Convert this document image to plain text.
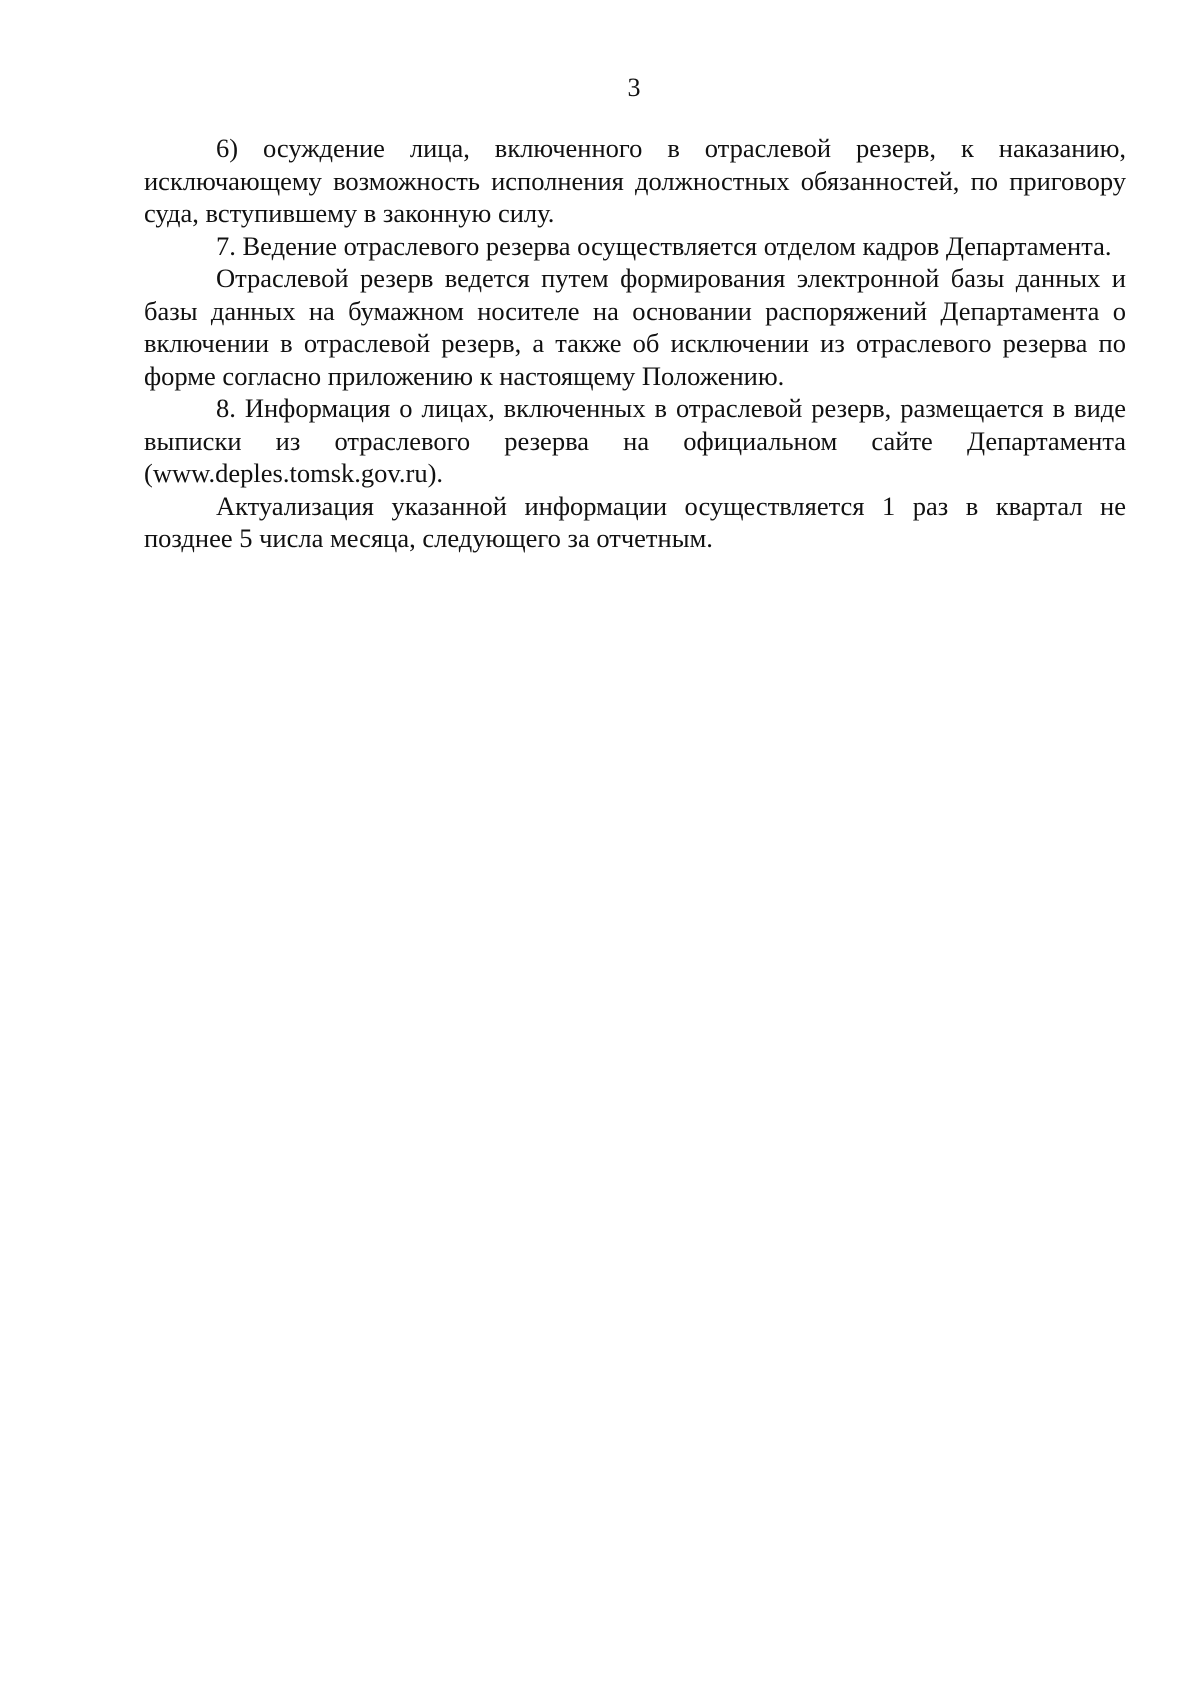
3

6) осуждение лица, включенного в отраслевой резерв, к наказанию, исключающему возможность исполнения должностных обязанностей, по приговору суда, вступившему в законную силу.

7. Ведение отраслевого резерва осуществляется отделом кадров Департамента.

Отраслевой резерв ведется путем формирования электронной базы данных и базы данных на бумажном носителе на основании распоряжений Департамента о включении в отраслевой резерв, а также об исключении из отраслевого резерва по форме согласно приложению к настоящему Положению.

8. Информация о лицах, включенных в отраслевой резерв, размещается в виде выписки из отраслевого резерва на официальном сайте Департамента (www.deples.tomsk.gov.ru).

Актуализация указанной информации осуществляется 1 раз в квартал не позднее 5 числа месяца, следующего за отчетным.
